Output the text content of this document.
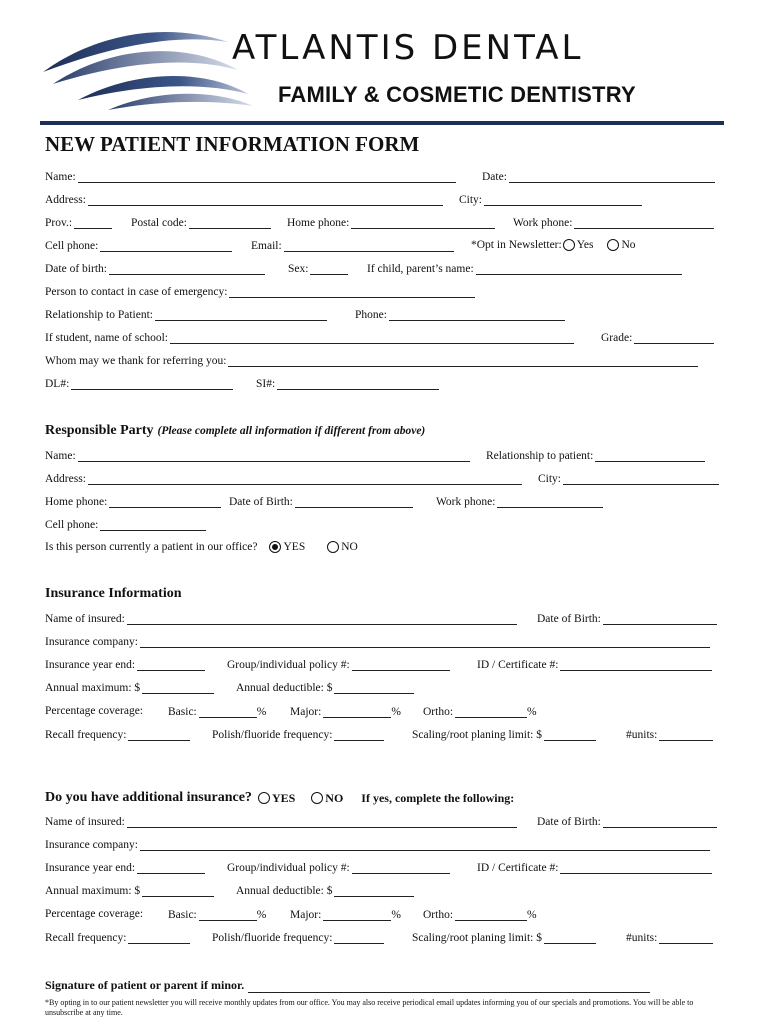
ATLANTIS DENTAL
FAMILY & COSMETIC DENTISTRY
NEW PATIENT INFORMATION FORM
Name:	Date:
Address:	City:
Prov.:	Postal code:	Home phone:	Work phone:
Cell phone:	Email:	*Opt in Newsletter: Yes No
Date of birth:	Sex:	If child, parent’s name:
Person to contact in case of emergency:
Relationship to Patient:	Phone:
If student, name of school:	Grade:
Whom may we thank for referring you:
DL#:	SI#:
Responsible Party (Please complete all information if different from above)
Name:	Relationship to patient:
Address:	City:
Home phone:	Date of Birth:	Work phone:
Cell phone:
Is this person currently a patient in our office? YES	NO
Insurance Information
Name of insured:	Date of Birth:
Insurance company:
Insurance year end:	Group/individual policy #:	ID / Certificate #:
Annual maximum: $	Annual deductible: $
Percentage coverage: Basic:	% Major:	% Ortho:	%
Recall frequency:	Polish/fluoride frequency:	Scaling/root planing limit: $	#units:
Do you have additional insurance? YES	NO If yes, complete the following:
Name of insured:	Date of Birth:
Insurance company:
Insurance year end:	Group/individual policy #:	ID / Certificate #:
Annual maximum: $	Annual deductible: $
Percentage coverage: Basic:	% Major:	% Ortho:	%
Recall frequency:	Polish/fluoride frequency:	Scaling/root planing limit: $	#units:
Signature of patient or parent if minor.
*By opting in to our patient newsletter you will receive monthly updates from our office. You may also receive periodical email updates informing you of our specials and promotions. You will be able to unsubscribe at any time.
